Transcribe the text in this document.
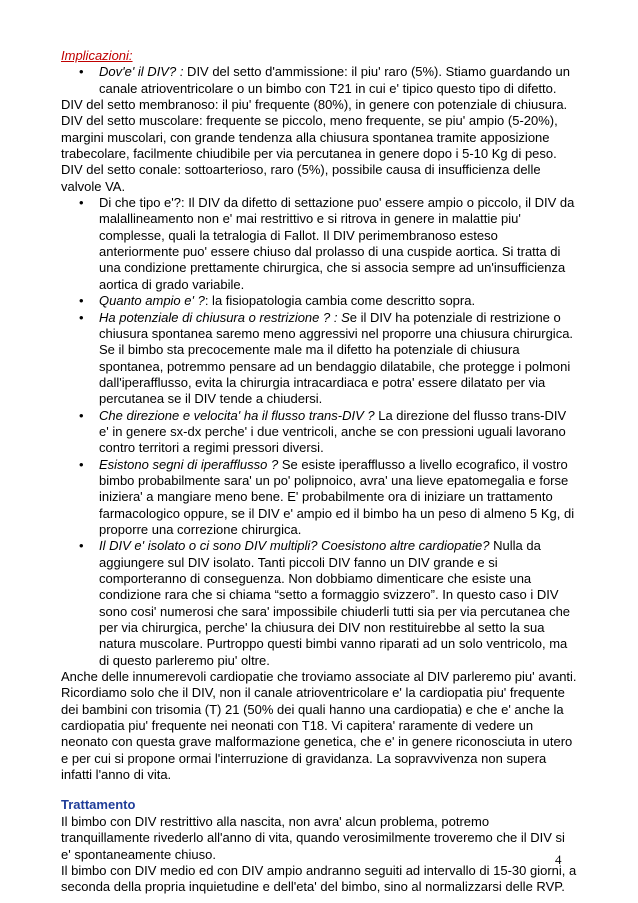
Implicazioni:
• Dov'e' il DIV? : DIV del setto d'ammissione: il piu' raro (5%). Stiamo guardando un canale atrioventricolare o un bimbo con T21 in cui e' tipico questo tipo di difetto.

DIV del setto membranoso: il piu' frequente (80%), in genere con potenziale di chiusura. DIV del setto muscolare: frequente se piccolo, meno frequente, se piu' ampio (5-20%), margini muscolari, con grande tendenza alla chiusura spontanea tramite apposizione trabecolare, facilmente chiudibile per via percutanea in genere dopo i 5-10 Kg di peso. DIV del setto conale: sottoarterioso, raro (5%), possibile causa di insufficienza delle valvole VA.

• Di che tipo e'?: Il DIV da difetto di settazione puo' essere ampio o piccolo, il DIV da malallineamento non e' mai restrittivo e si ritrova in genere in malattie piu' complesse, quali la tetralogia di Fallot. Il DIV perimembranoso esteso anteriormente puo' essere chiuso dal prolasso di una cuspide aortica. Si tratta di una condizione prettamente chirurgica, che si associa sempre ad un'insufficienza aortica di grado variabile.
• Quanto ampio e' ?: la fisiopatologia cambia come descritto sopra.
• Ha potenziale di chiusura o restrizione ? : Se il DIV ha potenziale di restrizione o chiusura spontanea saremo meno aggressivi nel proporre una chiusura chirurgica. Se il bimbo sta precocemente male ma il difetto ha potenziale di chiusura spontanea, potremmo pensare ad un bendaggio dilatabile, che protegge i polmoni dall'iperafflusso, evita la chirurgia intracardiaca e potra' essere dilatato per via percutanea se il DIV tende a chiudersi.
• Che direzione e velocita' ha il flusso trans-DIV ? La direzione del flusso trans-DIV e' in genere sx-dx perche' i due ventricoli, anche se con pressioni uguali lavorano contro territori a regimi pressori diversi.
• Esistono segni di iperafflusso ? Se esiste iperafflusso a livello ecografico, il vostro bimbo probabilmente sara' un po' polipnoico, avra' una lieve epatomegalia e forse iniziera' a mangiare meno bene. E' probabilmente ora di iniziare un trattamento farmacologico oppure, se il DIV e' ampio ed il bimbo ha un peso di almeno 5 Kg, di proporre una correzione chirurgica.
• Il DIV e' isolato o ci sono DIV multipli? Coesistono altre cardiopatie? Nulla da aggiungere sul DIV isolato. Tanti piccoli DIV fanno un DIV grande e si comporteranno di conseguenza. Non dobbiamo dimenticare che esiste una condizione rara che si chiama “setto a formaggio svizzero”. In questo caso i DIV sono cosi' numerosi che sara' impossibile chiuderli tutti sia per via percutanea che per via chirurgica, perche' la chiusura dei DIV non restituirebbe al setto la sua natura muscolare. Purtroppo questi bimbi vanno riparati ad un solo ventricolo, ma di questo parleremo piu' oltre.

Anche delle innumerevoli cardiopatie che troviamo associate al DIV parleremo piu' avanti. Ricordiamo solo che il DIV, non il canale atrioventricolare e' la cardiopatia piu' frequente dei bambini con trisomia (T) 21 (50% dei quali hanno una cardiopatia) e che e' anche la cardiopatia piu' frequente nei neonati con T18. Vi capitera' raramente di vedere un neonato con questa grave malformazione genetica, che e' in genere riconosciuta in utero e per cui si propone ormai l'interruzione di gravidanza. La sopravvivenza non supera infatti l'anno di vita.

Trattamento

Il bimbo con DIV restrittivo alla nascita, non avra' alcun problema, potremo tranquillamente rivederlo all'anno di vita, quando verosimilmente troveremo che il DIV si e' spontaneamente chiuso.

Il bimbo con DIV medio ed con DIV ampio andranno seguiti ad intervallo di 15-30 giorni, a seconda della propria inquietudine e dell'eta' del bimbo, sino al normalizzarsi delle RVP.

4
